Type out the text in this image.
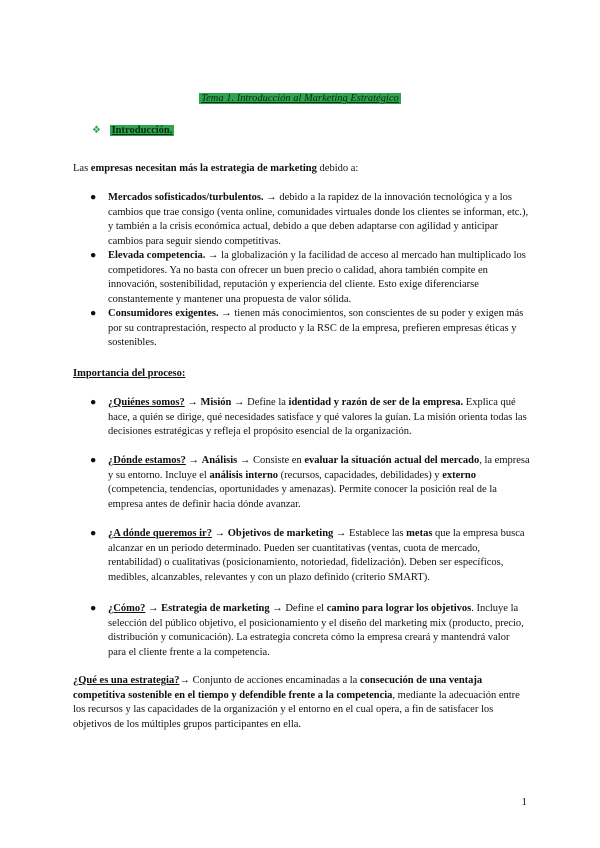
Tema 1. Introducción al Marketing Estratégico
❖ Introducción.
Las empresas necesitan más la estrategia de marketing debido a:
● Mercados sofisticados/turbulentos. → debido a la rapidez de la innovación tecnológica y a los cambios que trae consigo (venta online, comunidades virtuales donde los clientes se informan, etc.), y también a la crisis económica actual, debido a que deben adaptarse con agilidad y anticipar cambios para seguir siendo competitivas.
● Elevada competencia. → la globalización y la facilidad de acceso al mercado han multiplicado los competidores. Ya no basta con ofrecer un buen precio o calidad, ahora también compite en innovación, sostenibilidad, reputación y experiencia del cliente. Esto exige diferenciarse constantemente y mantener una propuesta de valor sólida.
● Consumidores exigentes. → tienen más conocimientos, son conscientes de su poder y exigen más por su contraprestación, respecto al producto y la RSC de la empresa, prefieren empresas éticas y sostenibles.
Importancia del proceso:
● ¿Quiénes somos? → Misión → Define la identidad y razón de ser de la empresa. Explica qué hace, a quién se dirige, qué necesidades satisface y qué valores la guían. La misión orienta todas las decisiones estratégicas y refleja el propósito esencial de la organización.
● ¿Dónde estamos? → Análisis → Consiste en evaluar la situación actual del mercado, la empresa y su entorno. Incluye el análisis interno (recursos, capacidades, debilidades) y externo (competencia, tendencias, oportunidades y amenazas). Permite conocer la posición real de la empresa antes de definir hacia dónde avanzar.
● ¿A dónde queremos ir? → Objetivos de marketing → Establece las metas que la empresa busca alcanzar en un periodo determinado. Pueden ser cuantitativas (ventas, cuota de mercado, rentabilidad) o cualitativas (posicionamiento, notoriedad, fidelización). Deben ser específicos, medibles, alcanzables, relevantes y con un plazo definido (criterio SMART).
● ¿Cómo? → Estrategia de marketing → Define el camino para lograr los objetivos. Incluye la selección del público objetivo, el posicionamiento y el diseño del marketing mix (producto, precio, distribución y comunicación). La estrategia concreta cómo la empresa creará y mantendrá valor para el cliente frente a la competencia.
¿Qué es una estrategia?→ Conjunto de acciones encaminadas a la consecución de una ventaja competitiva sostenible en el tiempo y defendible frente a la competencia, mediante la adecuación entre los recursos y las capacidades de la organización y el entorno en el cual opera, a fin de satisfacer los objetivos de los múltiples grupos participantes en ella.
1
